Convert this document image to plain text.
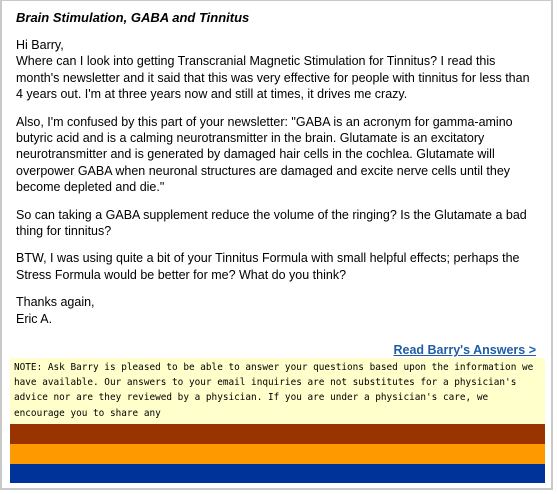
Brain Stimulation, GABA and Tinnitus

Hi Barry,

Where can I look into getting Transcranial Magnetic Stimulation for Tinnitus? I read this month's newsletter and it said that this was very effective for people with tinnitus for less than 4 years out. I'm at three years now and still at times, it drives me crazy.

Also, I'm confused by this part of your newsletter: "GABA is an acronym for gamma-amino butyric acid and is a calming neurotransmitter in the brain. Glutamate is an excitatory neurotransmitter and is generated by damaged hair cells in the cochlea. Glutamate will overpower GABA when neuronal structures are damaged and excite nerve cells until they become depleted and die."

So can taking a GABA supplement reduce the volume of the ringing? Is the Glutamate a bad thing for tinnitus?

BTW, I was using quite a bit of your Tinnitus Formula with small helpful effects; perhaps the Stress Formula would be better for me? What do you think?

Thanks again,

Eric A.

Read Barry's Answers >
NOTE: Ask Barry is pleased to be able to answer your questions based upon the information we have available. Our answers to your email inquiries are not substitutes for a physician's advice nor are they reviewed by a physician. If you are under a physician's care, we encourage you to share any
